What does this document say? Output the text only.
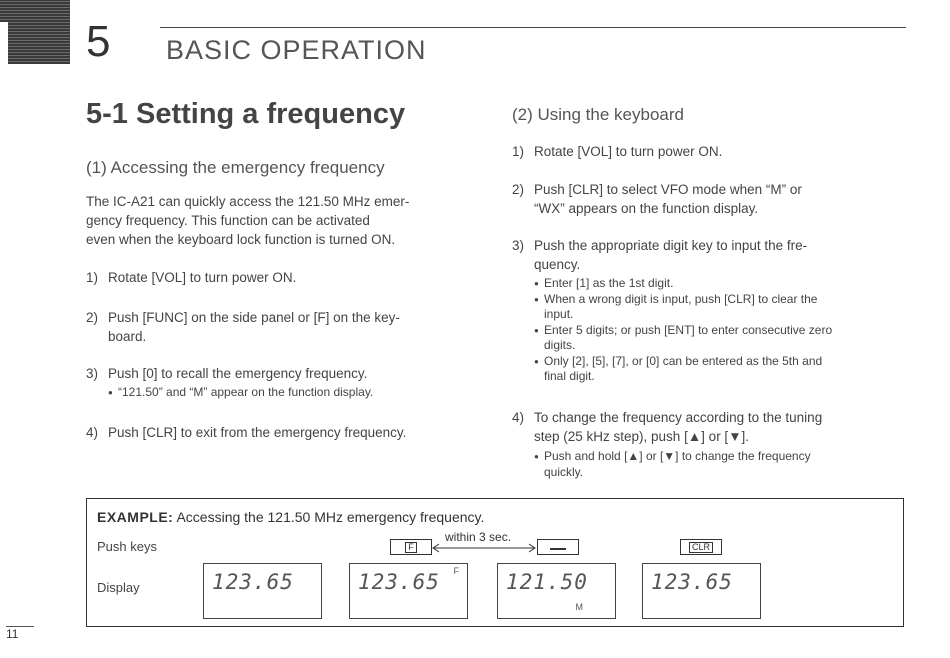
5 BASIC OPERATION
5-1 Setting a frequency
(1) Accessing the emergency frequency
The IC-A21 can quickly access the 121.50 MHz emer-
gency frequency. This function can be activated
even when the keyboard lock function is turned ON.
1) Rotate [VOL] to turn power ON.
2) Push [FUNC] on the side panel or [F] on the key-
board.
3) Push [0] to recall the emergency frequency.
● “121.50” and “M” appear on the function display.
4) Push [CLR] to exit from the emergency frequency.
(2) Using the keyboard
1) Rotate [VOL] to turn power ON.
2) Push [CLR] to select VFO mode when “M” or
“WX” appears on the function display.
3) Push the appropriate digit key to input the fre-
quency.
● Enter [1] as the 1st digit.
● When a wrong digit is input, push [CLR] to clear the
input.
● Enter 5 digits; or push [ENT] to enter consecutive zero
digits.
● Only [2], [5], [7], or [0] can be entered as the 5th and
final digit.
4) To change the frequency according to the tuning
step (25 kHz step), push [▲] or [▼].
● Push and hold [▲] or [▼] to change the frequency
quickly.
EXAMPLE: Accessing the 121.50 MHz emergency frequency.
Push keys
Display
F	CLR
within 3 sec.
123.65	123.65 F 121.50
M
123.65
11
